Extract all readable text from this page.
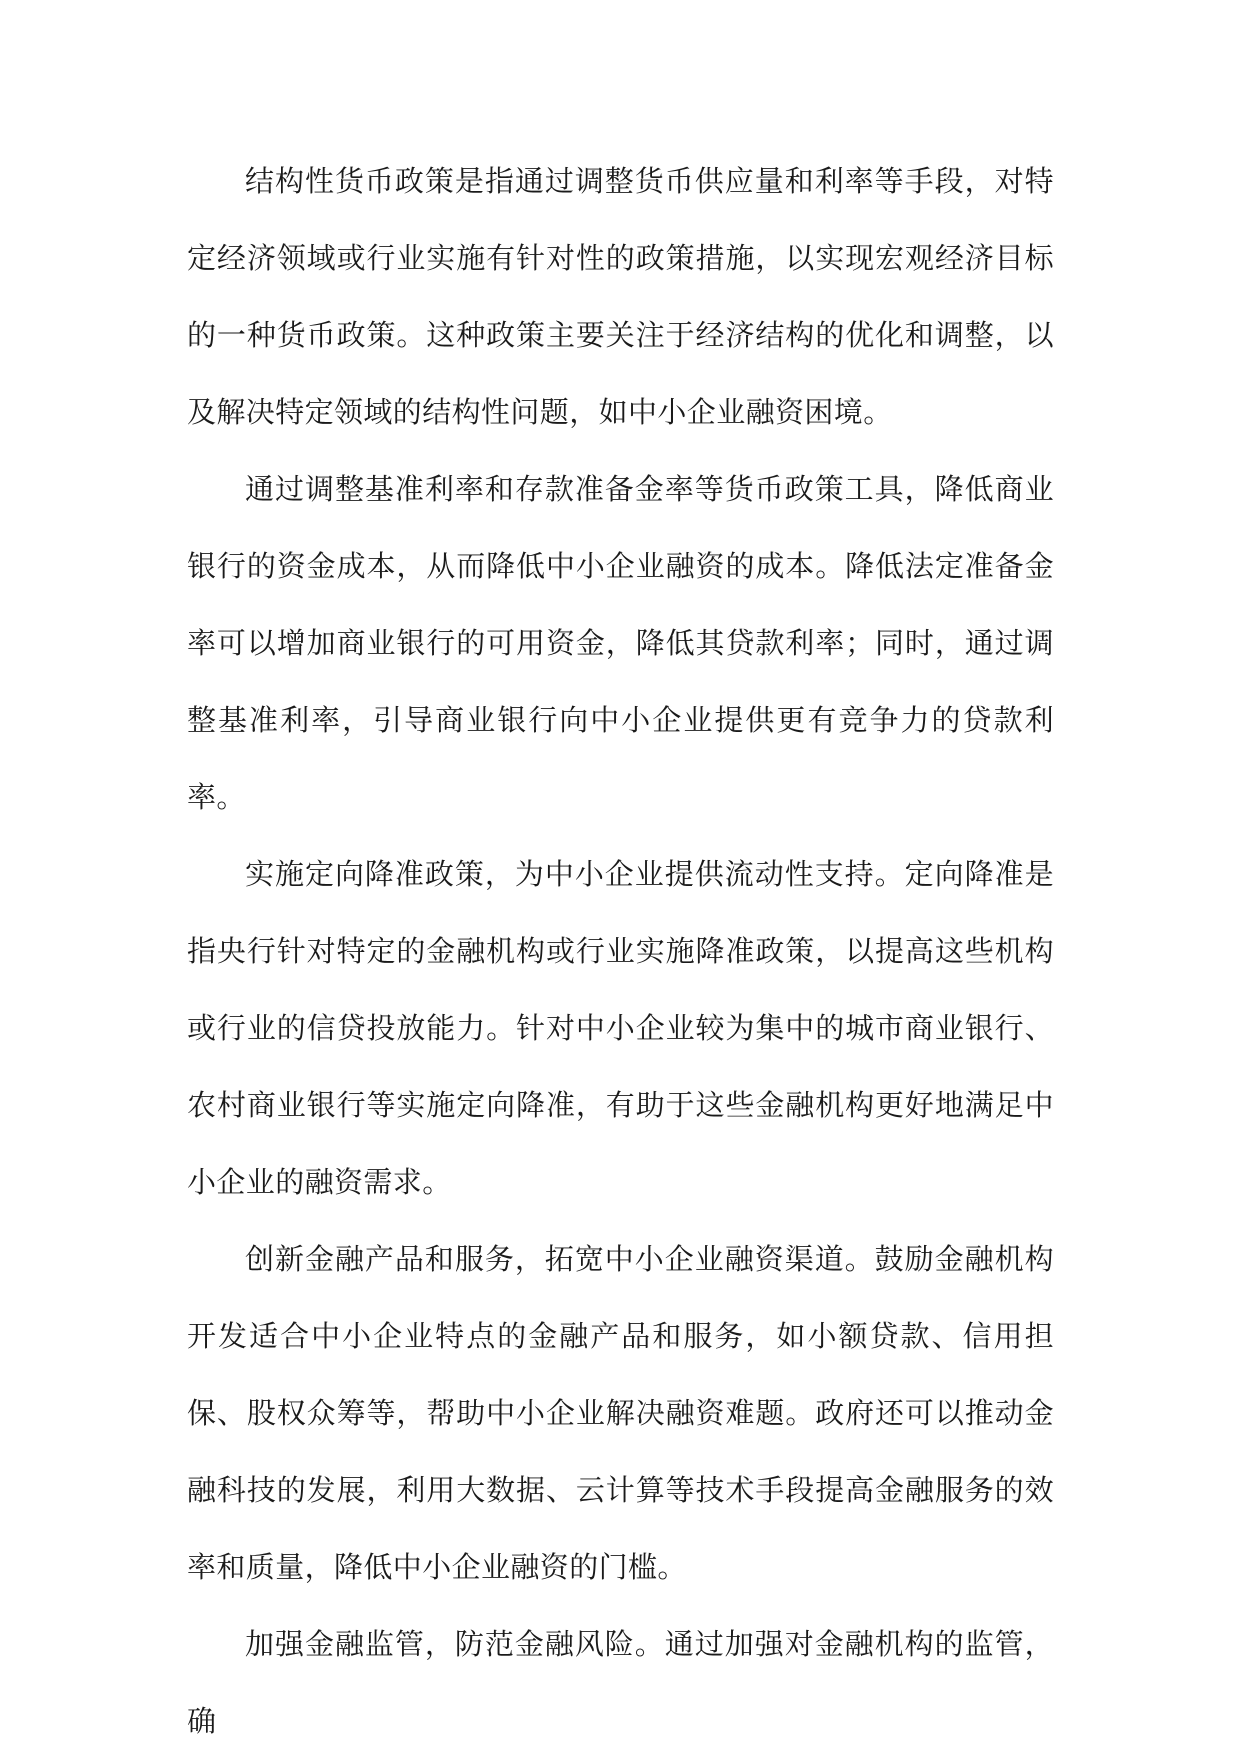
结构性货币政策是指通过调整货币供应量和利率等手段，对特定经济领域或行业实施有针对性的政策措施，以实现宏观经济目标的一种货币政策。这种政策主要关注于经济结构的优化和调整，以及解决特定领域的结构性问题，如中小企业融资困境。

通过调整基准利率和存款准备金率等货币政策工具，降低商业银行的资金成本，从而降低中小企业融资的成本。降低法定准备金率可以增加商业银行的可用资金，降低其贷款利率；同时，通过调整基准利率，引导商业银行向中小企业提供更有竞争力的贷款利率。

实施定向降准政策，为中小企业提供流动性支持。定向降准是指央行针对特定的金融机构或行业实施降准政策，以提高这些机构或行业的信贷投放能力。针对中小企业较为集中的城市商业银行、农村商业银行等实施定向降准，有助于这些金融机构更好地满足中小企业的融资需求。

创新金融产品和服务，拓宽中小企业融资渠道。鼓励金融机构开发适合中小企业特点的金融产品和服务，如小额贷款、信用担保、股权众筹等，帮助中小企业解决融资难题。政府还可以推动金融科技的发展，利用大数据、云计算等技术手段提高金融服务的效率和质量，降低中小企业融资的门槛。

加强金融监管，防范金融风险。通过加强对金融机构的监管，确
